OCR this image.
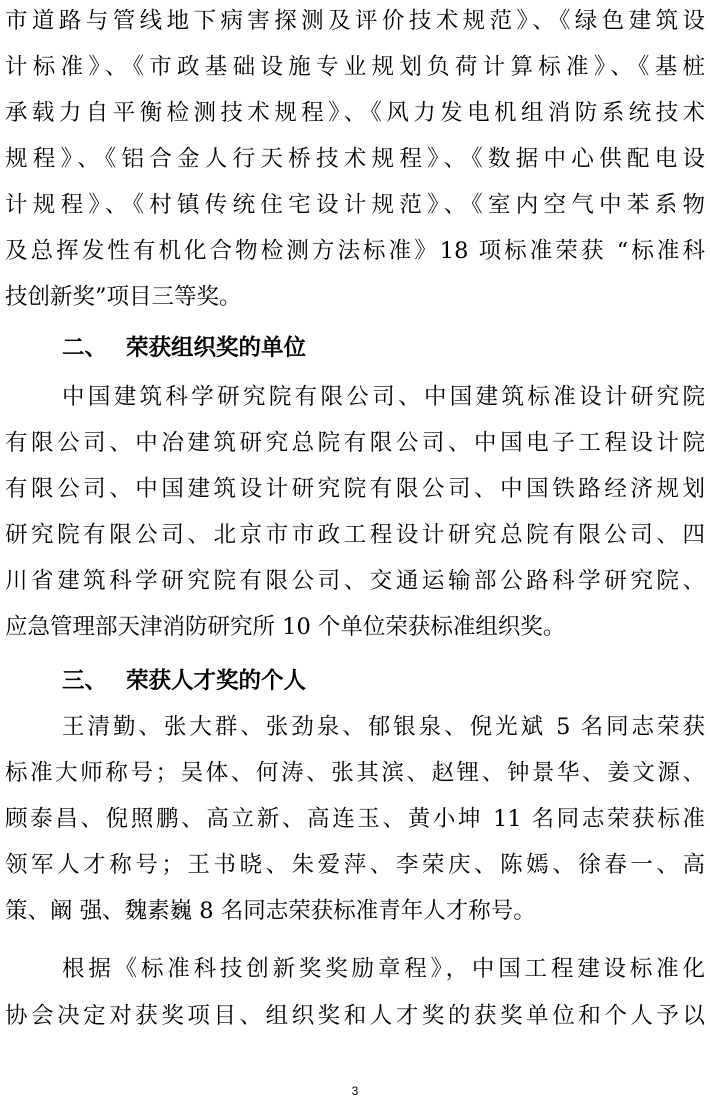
市道路与管线地下病害探测及评价技术规范》、《绿色建筑设
计标准》、《市政基础设施专业规划负荷计算标准》、《基桩
承载力自平衡检测技术规程》、《风力发电机组消防系统技术
规程》、《铝合金人行天桥技术规程》、《数据中心供配电设
计规程》、《村镇传统住宅设计规范》、《室内空气中苯系物
及总挥发性有机化合物检测方法标准》18 项标准荣获 “标准科
技创新奖”项目三等奖。
二、 荣获组织奖的单位
中国建筑科学研究院有限公司、中国建筑标准设计研究院
有限公司、中冶建筑研究总院有限公司、中国电子工程设计院
有限公司、中国建筑设计研究院有限公司、中国铁路经济规划
研究院有限公司、北京市市政工程设计研究总院有限公司、四
川省建筑科学研究院有限公司、交通运输部公路科学研究院、
应急管理部天津消防研究所 10 个单位荣获标准组织奖。
三、 荣获人才奖的个人
王清勤、张大群、张劲泉、郁银泉、倪光斌 5 名同志荣获
标准大师称号；吴体、何涛、张其滨、赵锂、钟景华、姜文源、
顾泰昌、倪照鹏、高立新、高连玉、黄小坤 11 名同志荣获标准
领军人才称号；王书晓、朱爱萍、李荣庆、陈嫣、徐春一、高
策、阚 强、魏素巍 8 名同志荣获标准青年人才称号。
根据《标准科技创新奖奖励章程》，中国工程建设标准化
协会决定对获奖项目、组织奖和人才奖的获奖单位和个人予以
3
